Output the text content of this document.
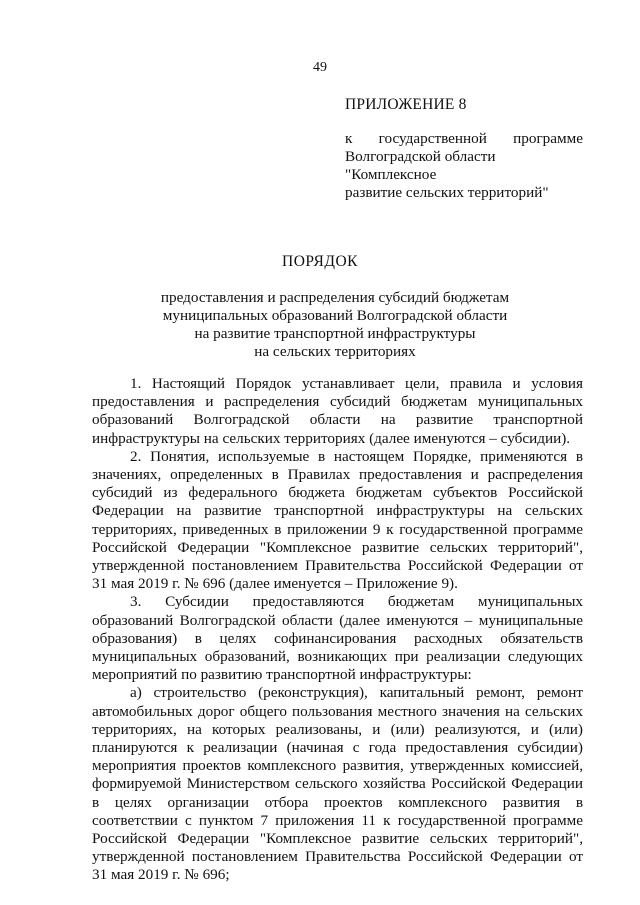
49
ПРИЛОЖЕНИЕ 8
к государственной программе
Волгоградской области "Комплексное
развитие сельских территорий"
ПОРЯДОК
предоставления и распределения субсидий бюджетам
муниципальных образований Волгоградской области
на развитие транспортной инфраструктуры
на сельских территориях

1. Настоящий Порядок устанавливает цели, правила и условия предоставления и распределения субсидий бюджетам муниципальных образований Волгоградской области на развитие транспортной инфраструктуры на сельских территориях (далее именуются – субсидии).

2. Понятия, используемые в настоящем Порядке, применяются в значениях, определенных в Правилах предоставления и распределения субсидий из федерального бюджета бюджетам субъектов Российской Федерации на развитие транспортной инфраструктуры на сельских территориях, приведенных в приложении 9 к государственной программе Российской Федерации "Комплексное развитие сельских территорий", утвержденной постановлением Правительства Российской Федерации от 31 мая 2019 г. № 696 (далее именуется – Приложение 9).

3. Субсидии предоставляются бюджетам муниципальных образований Волгоградской области (далее именуются – муниципальные образования) в целях софинансирования расходных обязательств муниципальных образований, возникающих при реализации следующих мероприятий по развитию транспортной инфраструктуры:

а) строительство (реконструкция), капитальный ремонт, ремонт автомобильных дорог общего пользования местного значения на сельских территориях, на которых реализованы, и (или) реализуются, и (или) планируются к реализации (начиная с года предоставления субсидии) мероприятия проектов комплексного развития, утвержденных комиссией, формируемой Министерством сельского хозяйства Российской Федерации в целях организации отбора проектов комплексного развития в соответствии с пунктом 7 приложения 11 к государственной программе Российской Федерации "Комплексное развитие сельских территорий", утвержденной постановлением Правительства Российской Федерации от 31 мая 2019 г. № 696;
